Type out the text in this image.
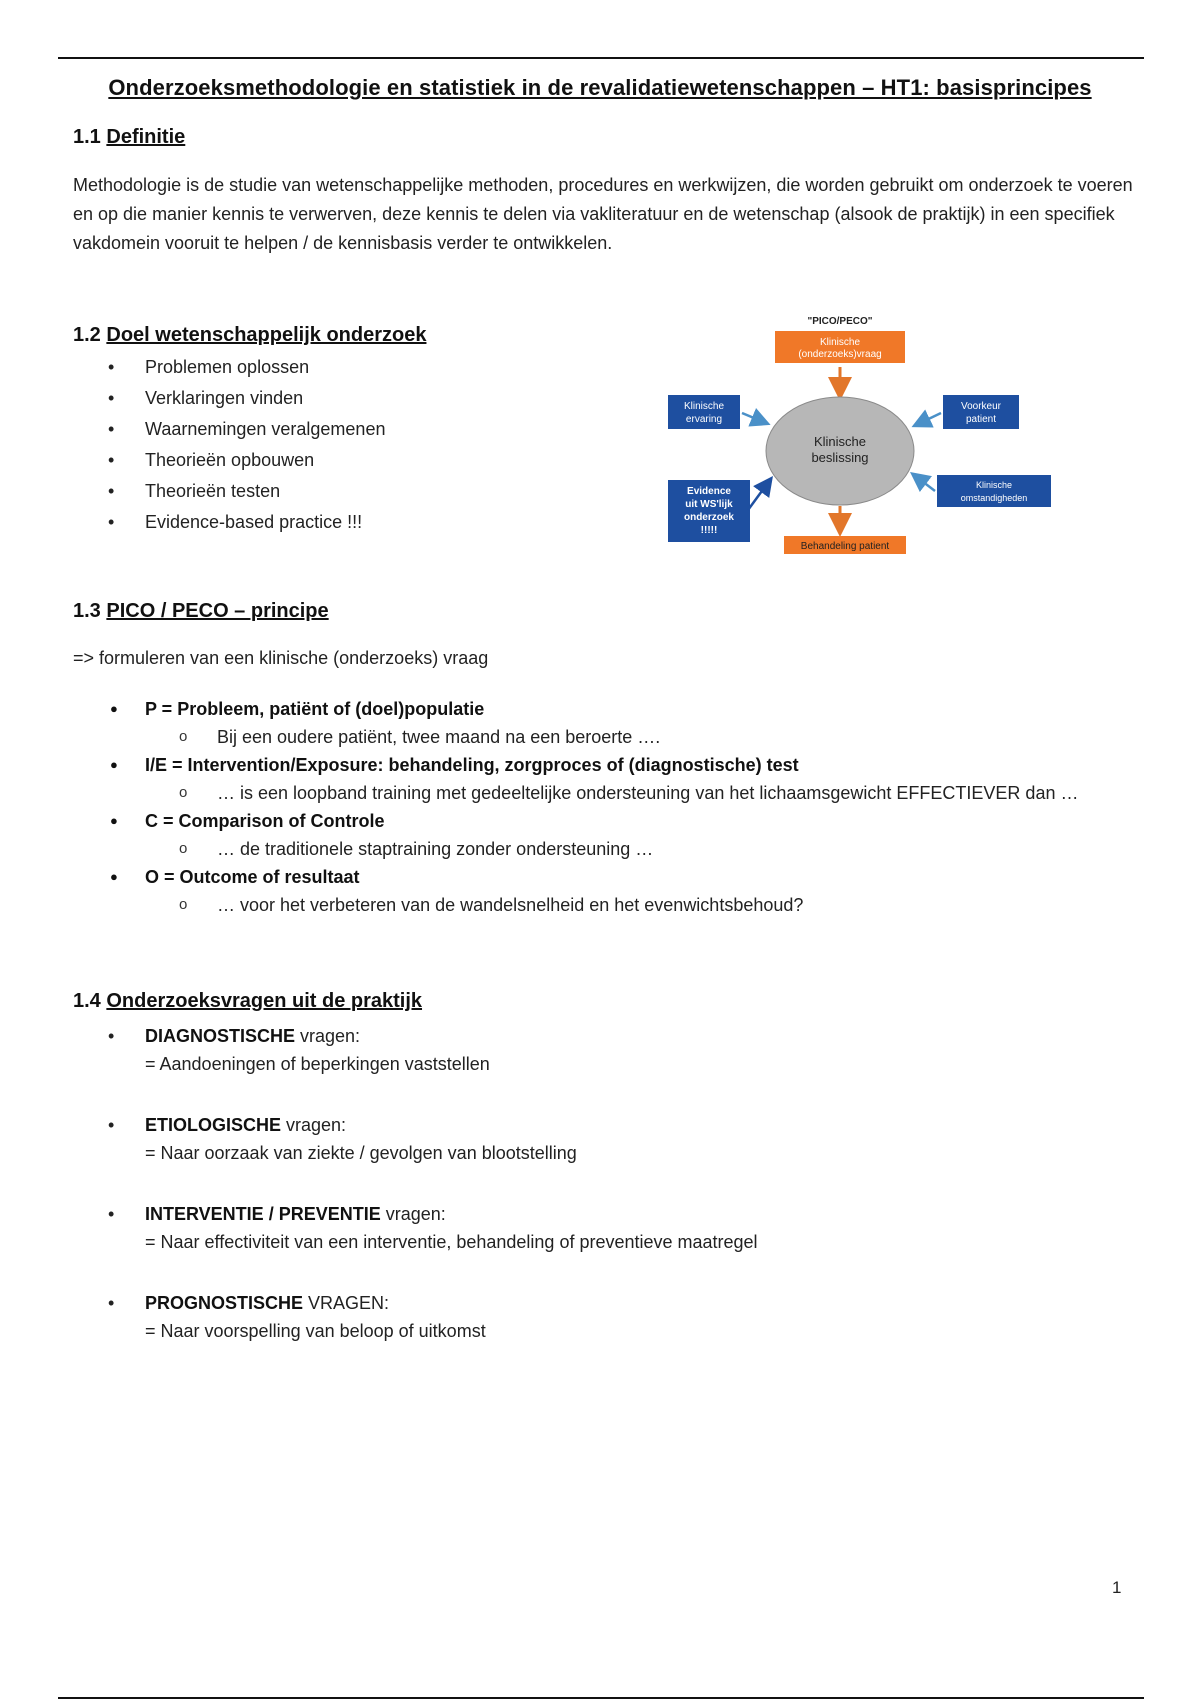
Onderzoeksmethodologie en statistiek in de revalidatiewetenschappen – HT1: basisprincipes
1.1 Definitie

Methodologie is de studie van wetenschappelijke methoden, procedures en werkwijzen, die worden gebruikt om onderzoek te voeren en op die manier kennis te verwerven, deze kennis te delen via vakliteratuur en de wetenschap (alsook de praktijk) in een specifiek vakdomein vooruit te helpen / de kennisbasis verder te ontwikkelen.

1.2 Doel wetenschappelijk onderzoek
• Problemen oplossen
• Verklaringen vinden
• Waarnemingen veralgemenen
• Theorieën opbouwen
• Theorieën testen
• Evidence-based practice !!!
"PICO/PECO"
Klinische
(onderzoeks)vraag
Klinische
beslissing
Klinische
ervaring
Evidence
uit WS'lijk
onderzoek
!!!!!
Voorkeur
patient
Klinische
omstandigheden
Behandeling patient
1.3 PICO / PECO – principe

=> formuleren van een klinische (onderzoeks) vraag

● P = Probleem, patiënt of (doel)populatie
o Bij een oudere patiënt, twee maand na een beroerte ….
● I/E = Intervention/Exposure: behandeling, zorgproces of (diagnostische) test
o … is een loopband training met gedeeltelijke ondersteuning van het lichaamsgewicht EFFECTIEVER dan …
● C = Comparison of Controle
o … de traditionele staptraining zonder ondersteuning …
● O = Outcome of resultaat
o … voor het verbeteren van de wandelsnelheid en het evenwichtsbehoud?
1.4 Onderzoeksvragen uit de praktijk
• DIAGNOSTISCHE vragen:
= Aandoeningen of beperkingen vaststellen
• ETIOLOGISCHE vragen:
= Naar oorzaak van ziekte / gevolgen van blootstelling
• INTERVENTIE / PREVENTIE vragen:
= Naar effectiviteit van een interventie, behandeling of preventieve maatregel
• PROGNOSTISCHE VRAGEN:
= Naar voorspelling van beloop of uitkomst
1
